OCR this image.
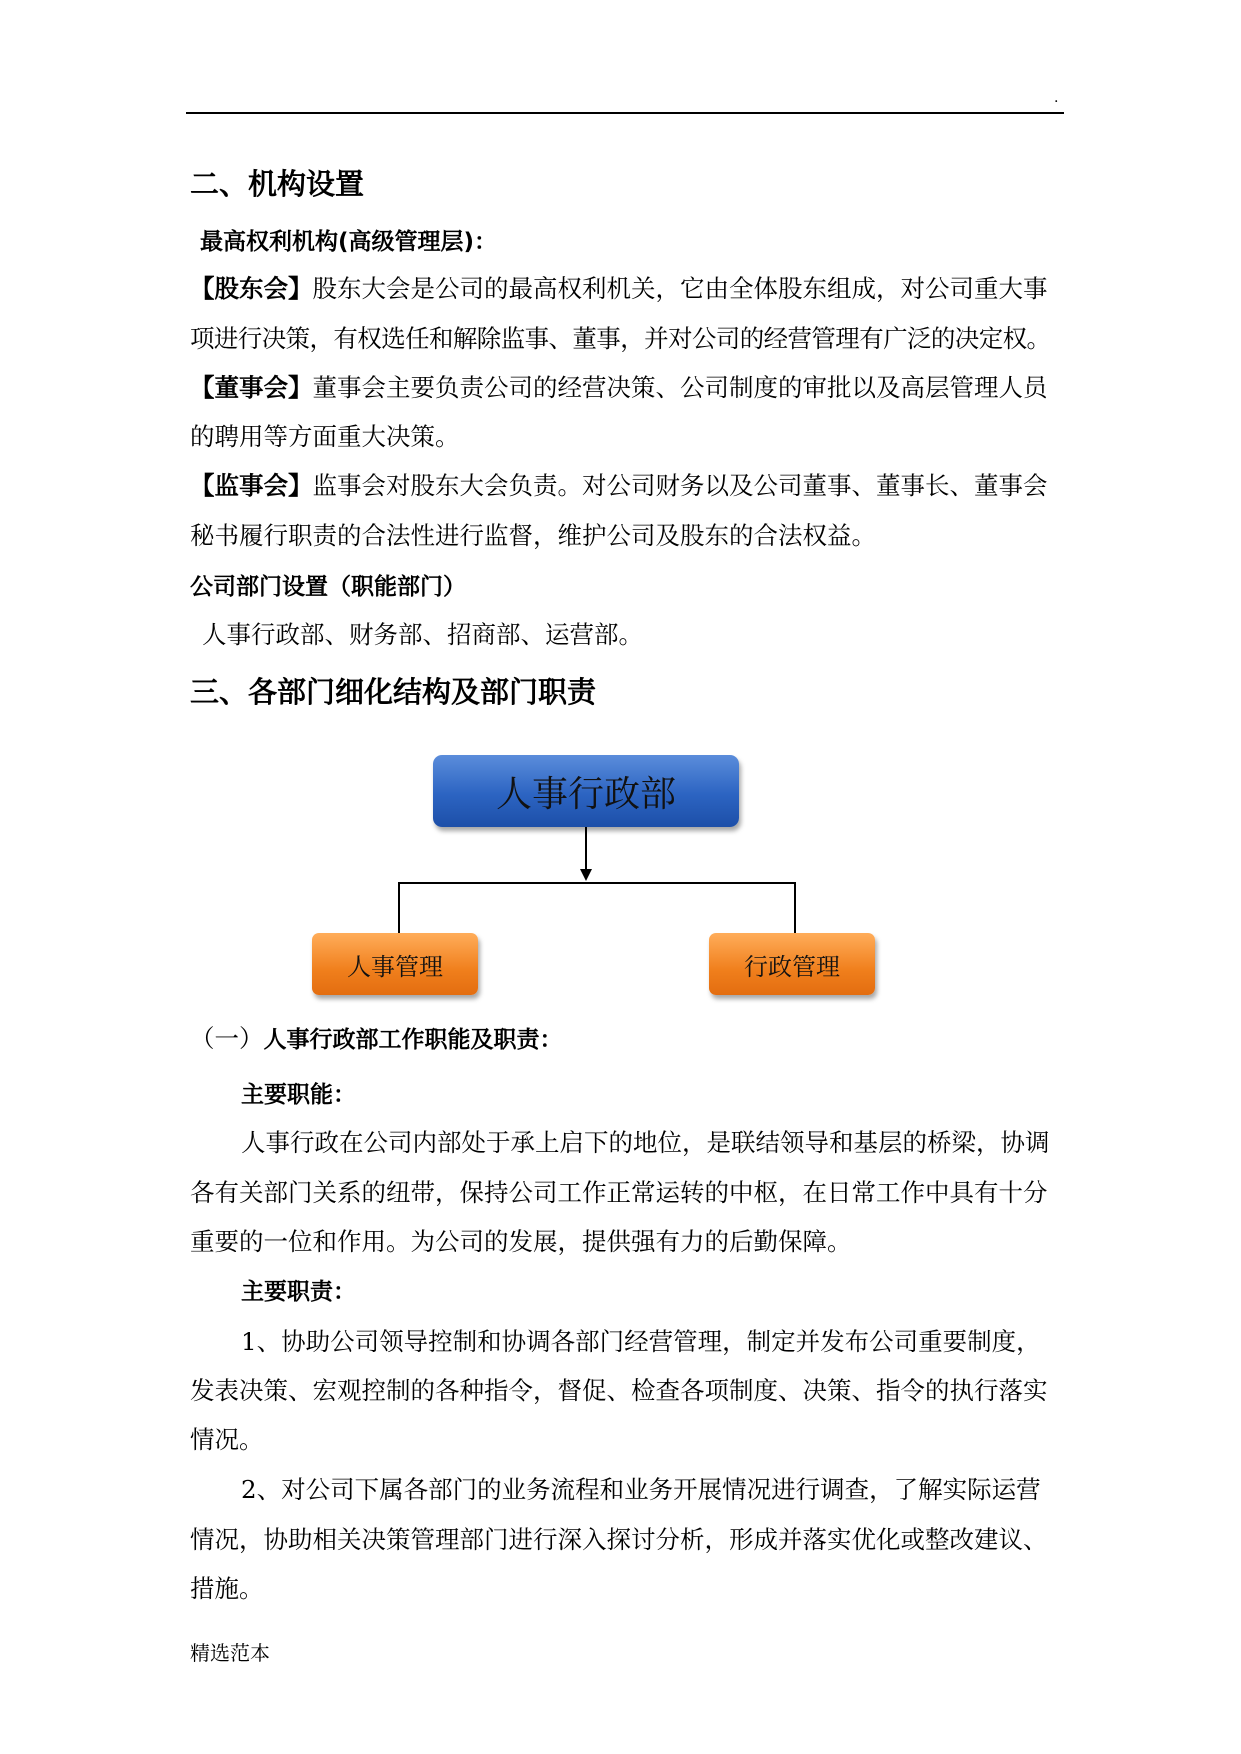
.
二、机构设置
最高权利机构(高级管理层)：
【股东会】股东大会是公司的最高权利机关，它由全体股东组成，对公司重大事
项进行决策，有权选任和解除监事、董事，并对公司的经营管理有广泛的决定权。
【董事会】董事会主要负责公司的经营决策、公司制度的审批以及高层管理人员
的聘用等方面重大决策。
【监事会】监事会对股东大会负责。对公司财务以及公司董事、董事长、董事会
秘书履行职责的合法性进行监督，维护公司及股东的合法权益。
公司部门设置（职能部门）
人事行政部、财务部、招商部、运营部。
三、各部门细化结构及部门职责
人事行政部
人事管理	行政管理
（一）人事行政部工作职能及职责：
主要职能：
人事行政在公司内部处于承上启下的地位，是联结领导和基层的桥梁，协调
各有关部门关系的纽带，保持公司工作正常运转的中枢，在日常工作中具有十分
重要的一位和作用。为公司的发展，提供强有力的后勤保障。
主要职责：
1、协助公司领导控制和协调各部门经营管理，制定并发布公司重要制度，
发表决策、宏观控制的各种指令，督促、检查各项制度、决策、指令的执行落实
情况。
2、对公司下属各部门的业务流程和业务开展情况进行调查，了解实际运营
情况，协助相关决策管理部门进行深入探讨分析，形成并落实优化或整改建议、
措施。
精选范本
